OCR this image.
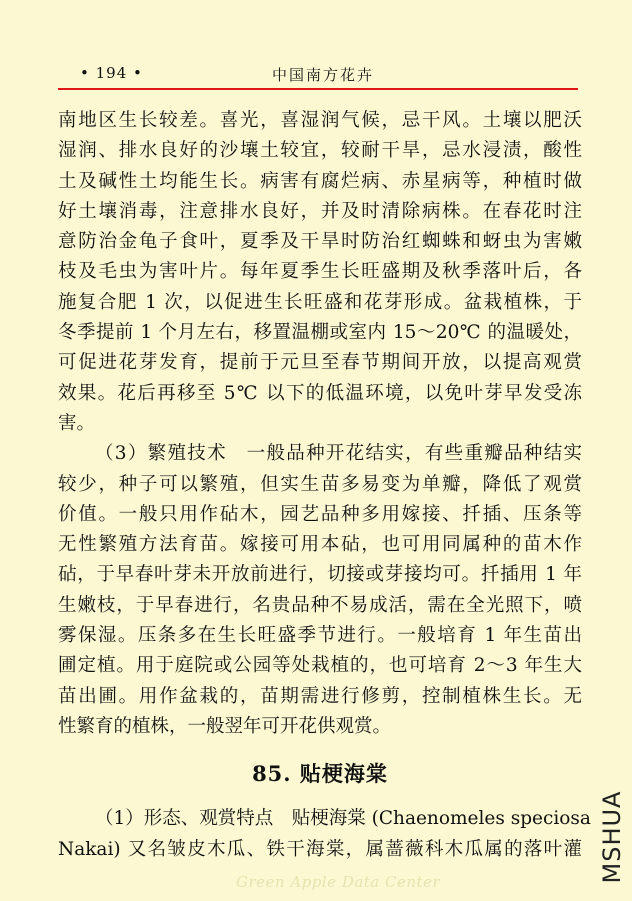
• 194 •	中国南方花卉
南地区生长较差。喜光，喜湿润气候，忌干风。土壤以肥沃
湿润、排水良好的沙壤土较宜，较耐干旱，忌水浸渍，酸性
土及碱性土均能生长。病害有腐烂病、赤星病等，种植时做
好土壤消毒，注意排水良好，并及时清除病株。在春花时注
意防治金龟子食叶，夏季及干旱时防治红蜘蛛和蚜虫为害嫩
枝及毛虫为害叶片。每年夏季生长旺盛期及秋季落叶后，各
施复合肥 1 次，以促进生长旺盛和花芽形成。盆栽植株，于
冬季提前 1 个月左右，移置温棚或室内 15～20℃ 的温暖处，
可促进花芽发育，提前于元旦至春节期间开放，以提高观赏
效果。花后再移至 5℃ 以下的低温环境，以免叶芽早发受冻
害。
（3）繁殖技术　一般品种开花结实，有些重瓣品种结实
较少，种子可以繁殖，但实生苗多易变为单瓣，降低了观赏
价值。一般只用作砧木，园艺品种多用嫁接、扦插、压条等
无性繁殖方法育苗。嫁接可用本砧，也可用同属种的苗木作
砧，于早春叶芽未开放前进行，切接或芽接均可。扦插用 1 年
生嫩枝，于早春进行，名贵品种不易成活，需在全光照下，喷
雾保湿。压条多在生长旺盛季节进行。一般培育 1 年生苗出
圃定植。用于庭院或公园等处栽植的，也可培育 2～3 年生大
苗出圃。用作盆栽的，苗期需进行修剪，控制植株生长。无
性繁育的植株，一般翌年可开花供观赏。
85. 贴梗海棠
（1）形态、观赏特点　贴梗海棠 (Chaenomeles speciosa
Nakai) 又名皱皮木瓜、铁干海棠，属蔷薇科木瓜属的落叶灌
Green Apple Data Center	MSHUA
